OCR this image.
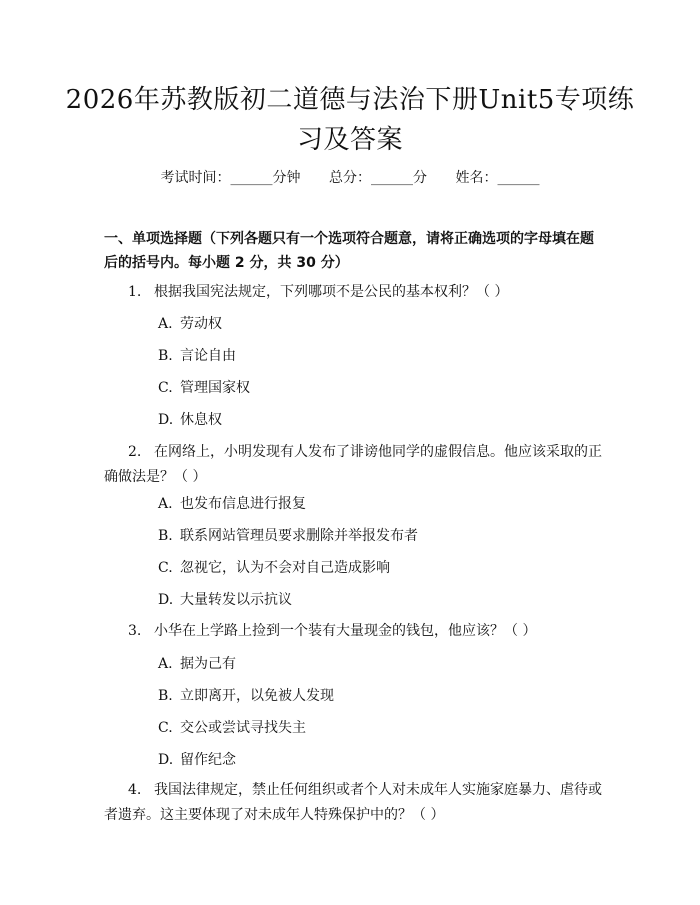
2026年苏教版初二道德与法治下册Unit5专项练习及答案
考试时间：______分钟 总分：______分 姓名：______
一、单项选择题（下列各题只有一个选项符合题意，请将正确选项的字母填在题后的括号内。每小题 2 分，共 30 分）
1. 根据我国宪法规定，下列哪项不是公民的基本权利？（ ）
A. 劳动权
B. 言论自由
C. 管理国家权
D. 休息权
2. 在网络上，小明发现有人发布了诽谤他同学的虚假信息。他应该采取的正确做法是？（ ）
A. 也发布信息进行报复
B. 联系网站管理员要求删除并举报发布者
C. 忽视它，认为不会对自己造成影响
D. 大量转发以示抗议
3. 小华在上学路上捡到一个装有大量现金的钱包，他应该？（ ）
A. 据为己有
B. 立即离开，以免被人发现
C. 交公或尝试寻找失主
D. 留作纪念
4. 我国法律规定，禁止任何组织或者个人对未成年人实施家庭暴力、虐待或者遗弃。这主要体现了对未成年人特殊保护中的？（ ）
